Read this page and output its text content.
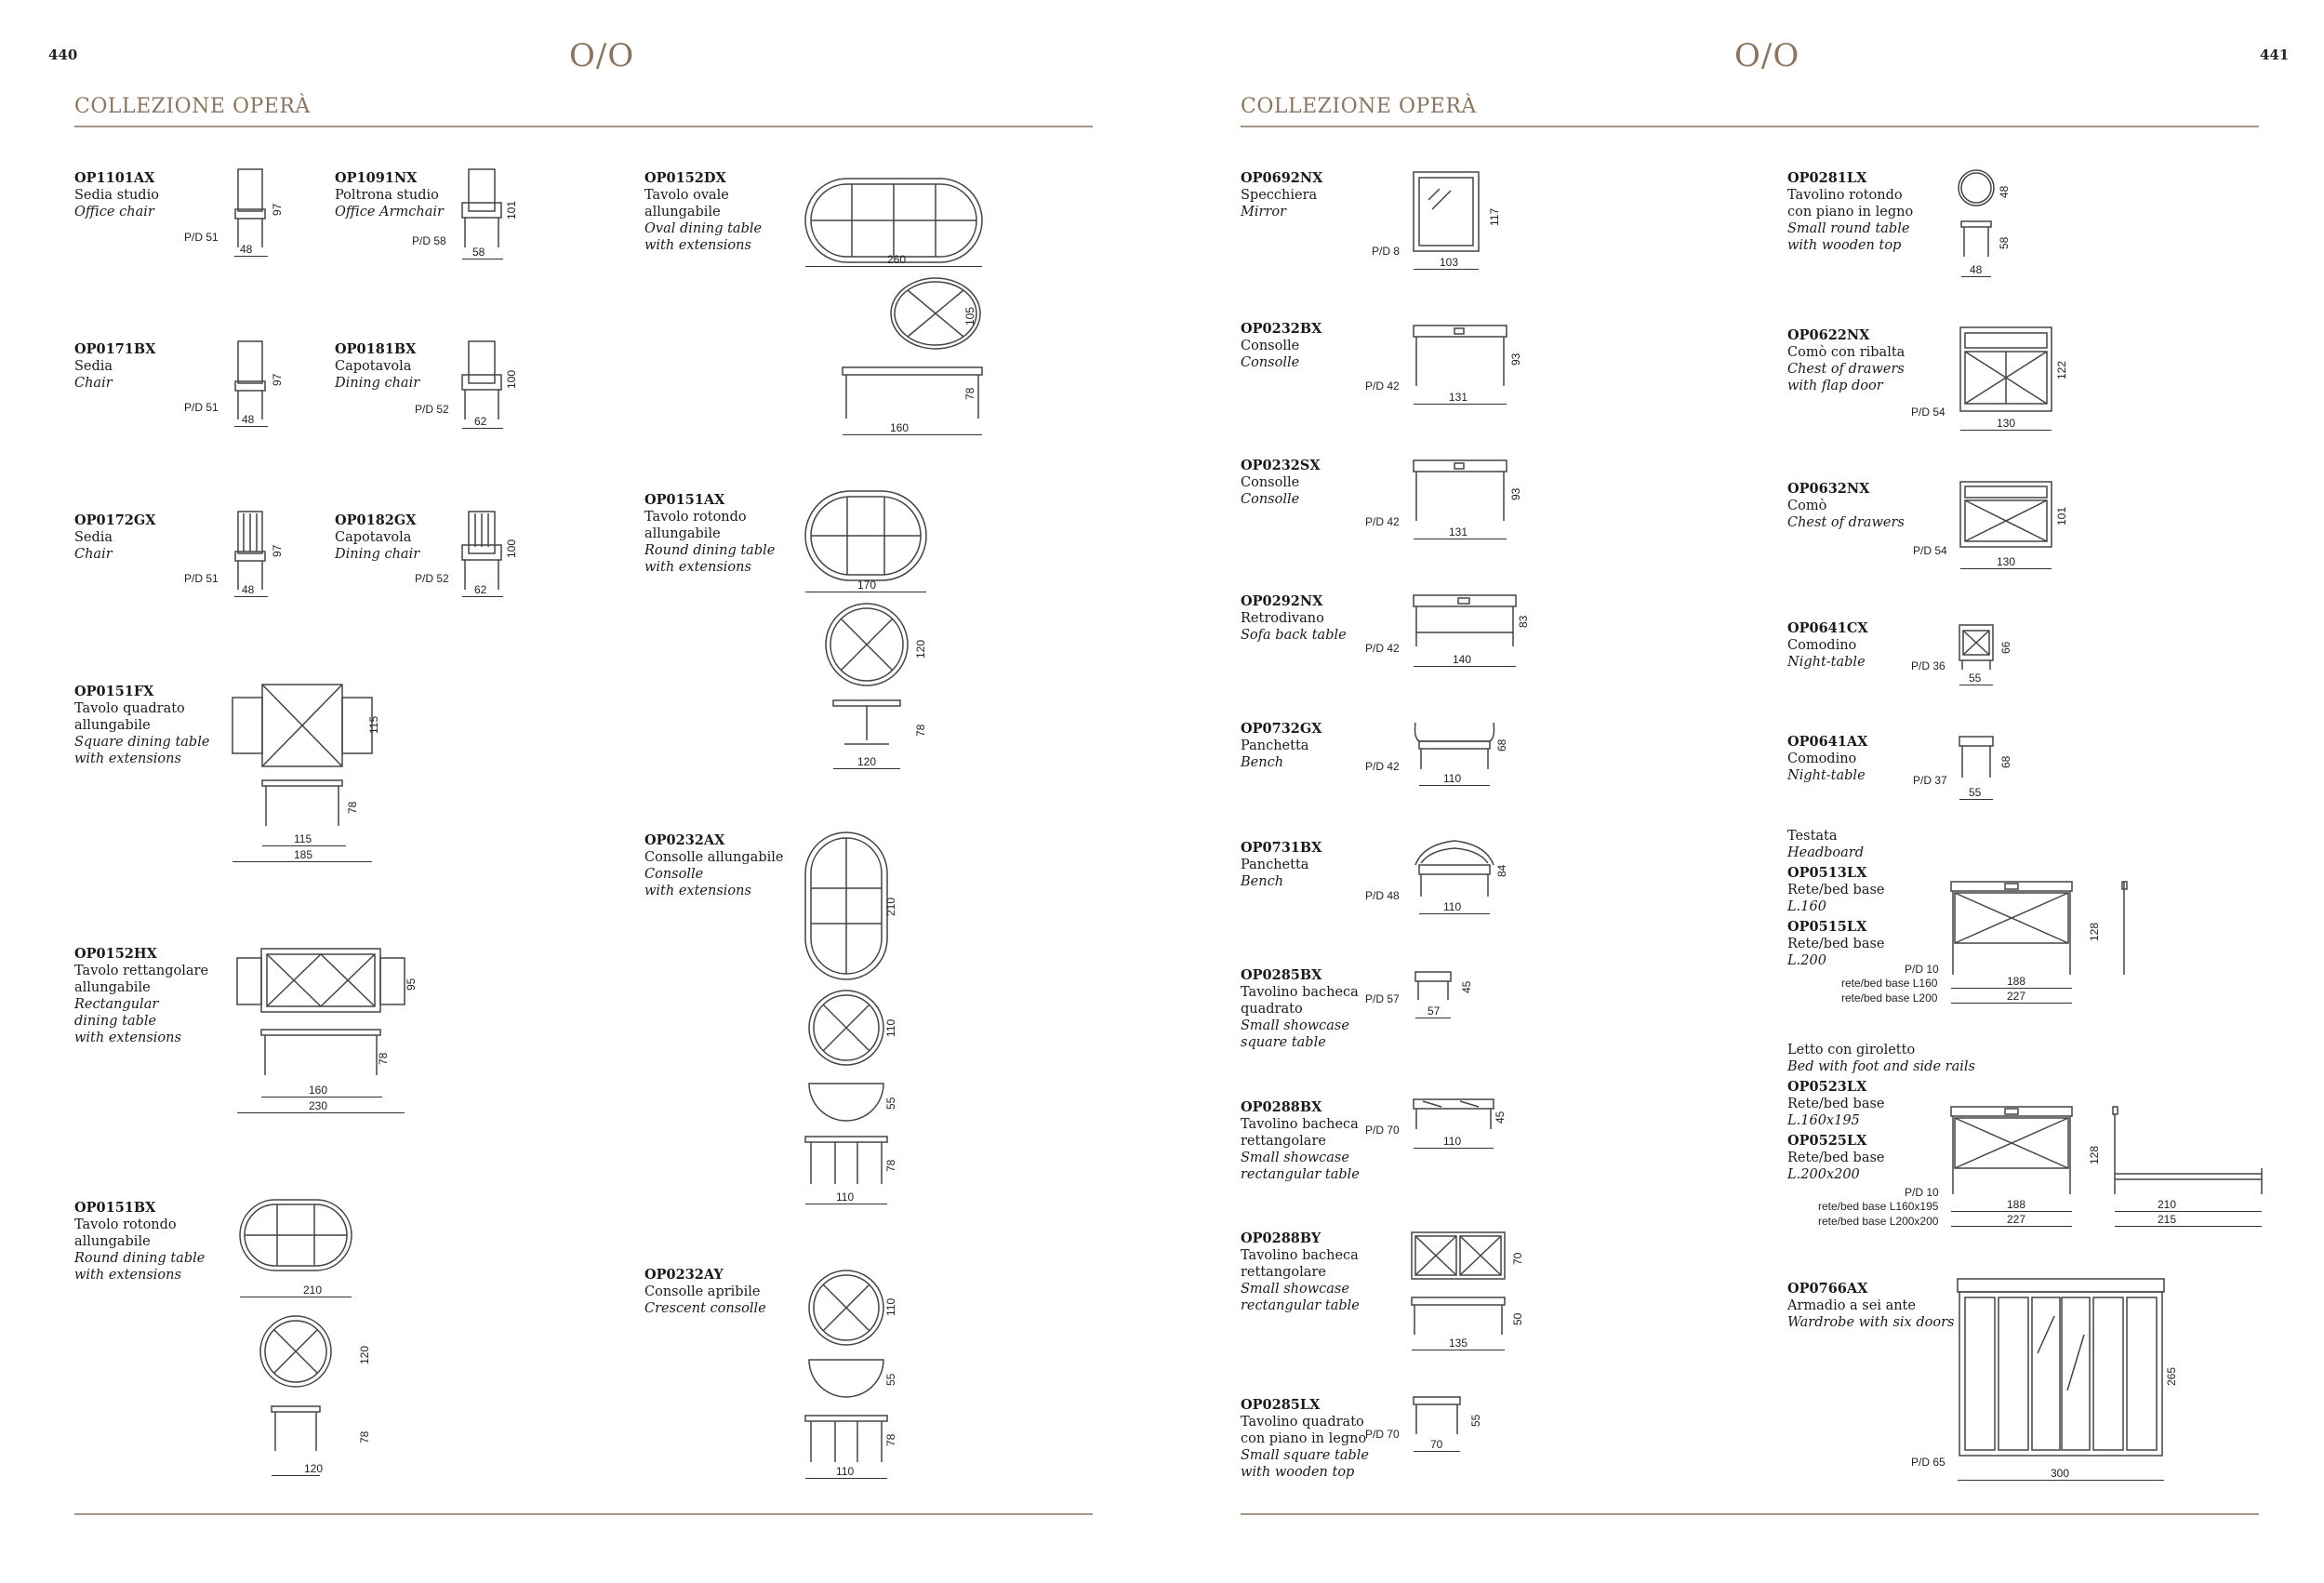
440	O/O
COLLEZIONE OPERÀ
441
O/O
COLLEZIONE OPERÀ
OP1101AX
Sedia studio
Office chair
P/D 51
97
48
OP1091NX
Poltrona studio
Office Armchair
P/D 58
101
58
OP0171BX
Sedia
Chair
P/D 51
97
48
OP0181BX
Capotavola
Dining chair
P/D 52
100
62
OP0172GX
Sedia
Chair
P/D 51
97
48
OP0182GX
Capotavola
Dining chair
P/D 52
100
62
OP0151FX
Tavolo quadrato
allungabile
Square dining table
with extensions
115
78
115
185
OP0152HX
Tavolo rettangolare
allungabile
Rectangular
dining table
with extensions
95
78
160
230
OP0151BX
Tavolo rotondo
allungabile
Round dining table
with extensions
210
120
78
120
OP0152DX
Tavolo ovale
allungabile
Oval dining table
with extensions
260
105
78
160
OP0151AX
Tavolo rotondo
allungabile
Round dining table
with extensions
170
120
78
120
OP0232AX
Consolle allungabile
Consolle
with extensions
210
110
55
78
110
OP0232AY
Consolle apribile
Crescent consolle	110
55
78
110
OP0692NX
Specchiera
Mirror
P/D 8
117
103
OP0232BX
Consolle
Consolle
P/D 42
93
131
OP0232SX
Consolle
Consolle
P/D 42
93
131
OP0292NX
Retrodivano
Sofa back table
P/D 42
83
140
OP0732GX
Panchetta
Bench	P/D 42
68
110
OP0731BX
Panchetta
Bench
P/D 48
84
110
OP0285BX
Tavolino bacheca
quadrato
Small showcase
square table
P/D 57
45
57
OP0288BX
Tavolino bacheca
rettangolare
Small showcase
rectangular table
P/D 70
45
110
OP0288BY
Tavolino bacheca
rettangolare
Small showcase
rectangular table
70
50
135
OP0285LX
Tavolino quadrato
con piano in legno
Small square table
with wooden top
P/D 70
55
70
OP0281LX
Tavolino rotondo
con piano in legno
Small round table
with wooden top
48
58
48
OP0622NX
Comò con ribalta
Chest of drawers
with flap door
P/D 54
122
130
OP0632NX
Comò
Chest of drawers
P/D 54
101
130
OP0641CX
Comodino
Night-table	P/D 36
66
55
OP0641AX
Comodino
Night-table	P/D 37
68
55
Testata
Headboard
OP0513LX
Rete/bed base
L.160
OP0515LX
Rete/bed base
L.200
P/D 10
128
rete/bed base L160	188
rete/bed base L200	227
Letto con giroletto
Bed with foot and side rails
OP0523LX
Rete/bed base
L.160x195
OP0525LX
Rete/bed base
L.200x200
P/D 10
128
rete/bed base L160x195	188	210
rete/bed base L200x200	227	215
OP0766AX
Armadio a sei ante
Wardrobe with six doors
P/D 65
265
300
